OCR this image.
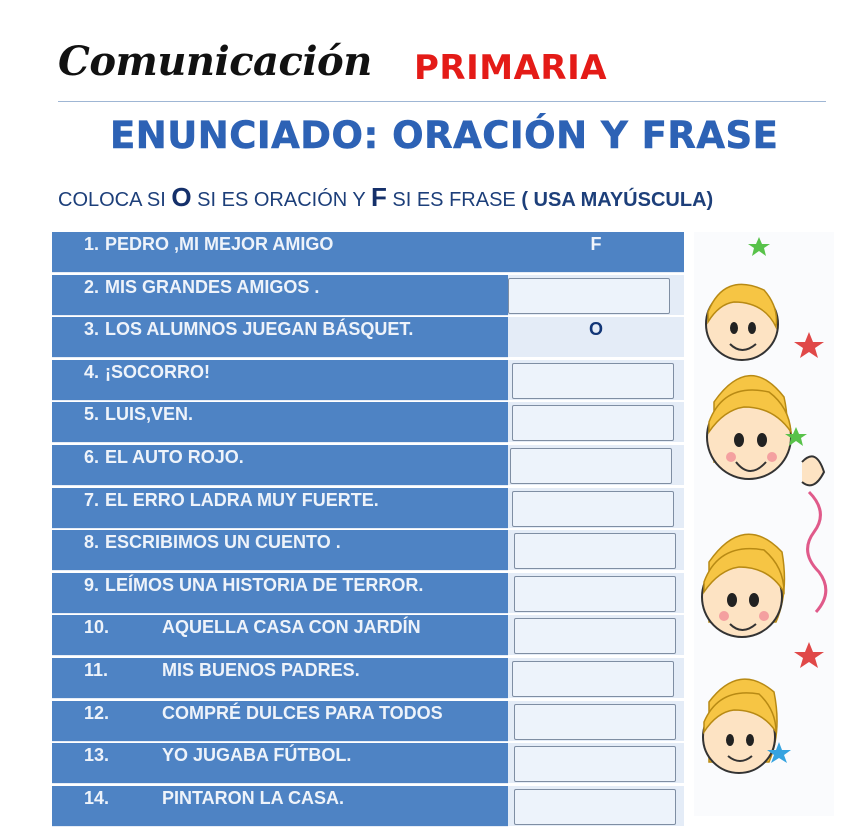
Comunicación PRIMARIA
ENUNCIADO: ORACIÓN Y FRASE
COLOCA SI O SI ES ORACIÓN Y F SI ES FRASE ( USA MAYÚSCULA)
1. PEDRO ,MI MEJOR AMIGO	F
2. MIS GRANDES AMIGOS .
3. LOS ALUMNOS JUEGAN BÁSQUET.	O
4. ¡SOCORRO!
5. LUIS,VEN.
6. EL AUTO ROJO.
7. EL ERRO LADRA MUY FUERTE.
8. ESCRIBIMOS UN CUENTO .
9. LEÍMOS UNA HISTORIA DE TERROR.
10.	AQUELLA CASA CON JARDÍN
11.	MIS BUENOS PADRES.
12.	COMPRÉ DULCES PARA TODOS
13.	YO JUGABA FÚTBOL.
14.	PINTARON LA CASA.
